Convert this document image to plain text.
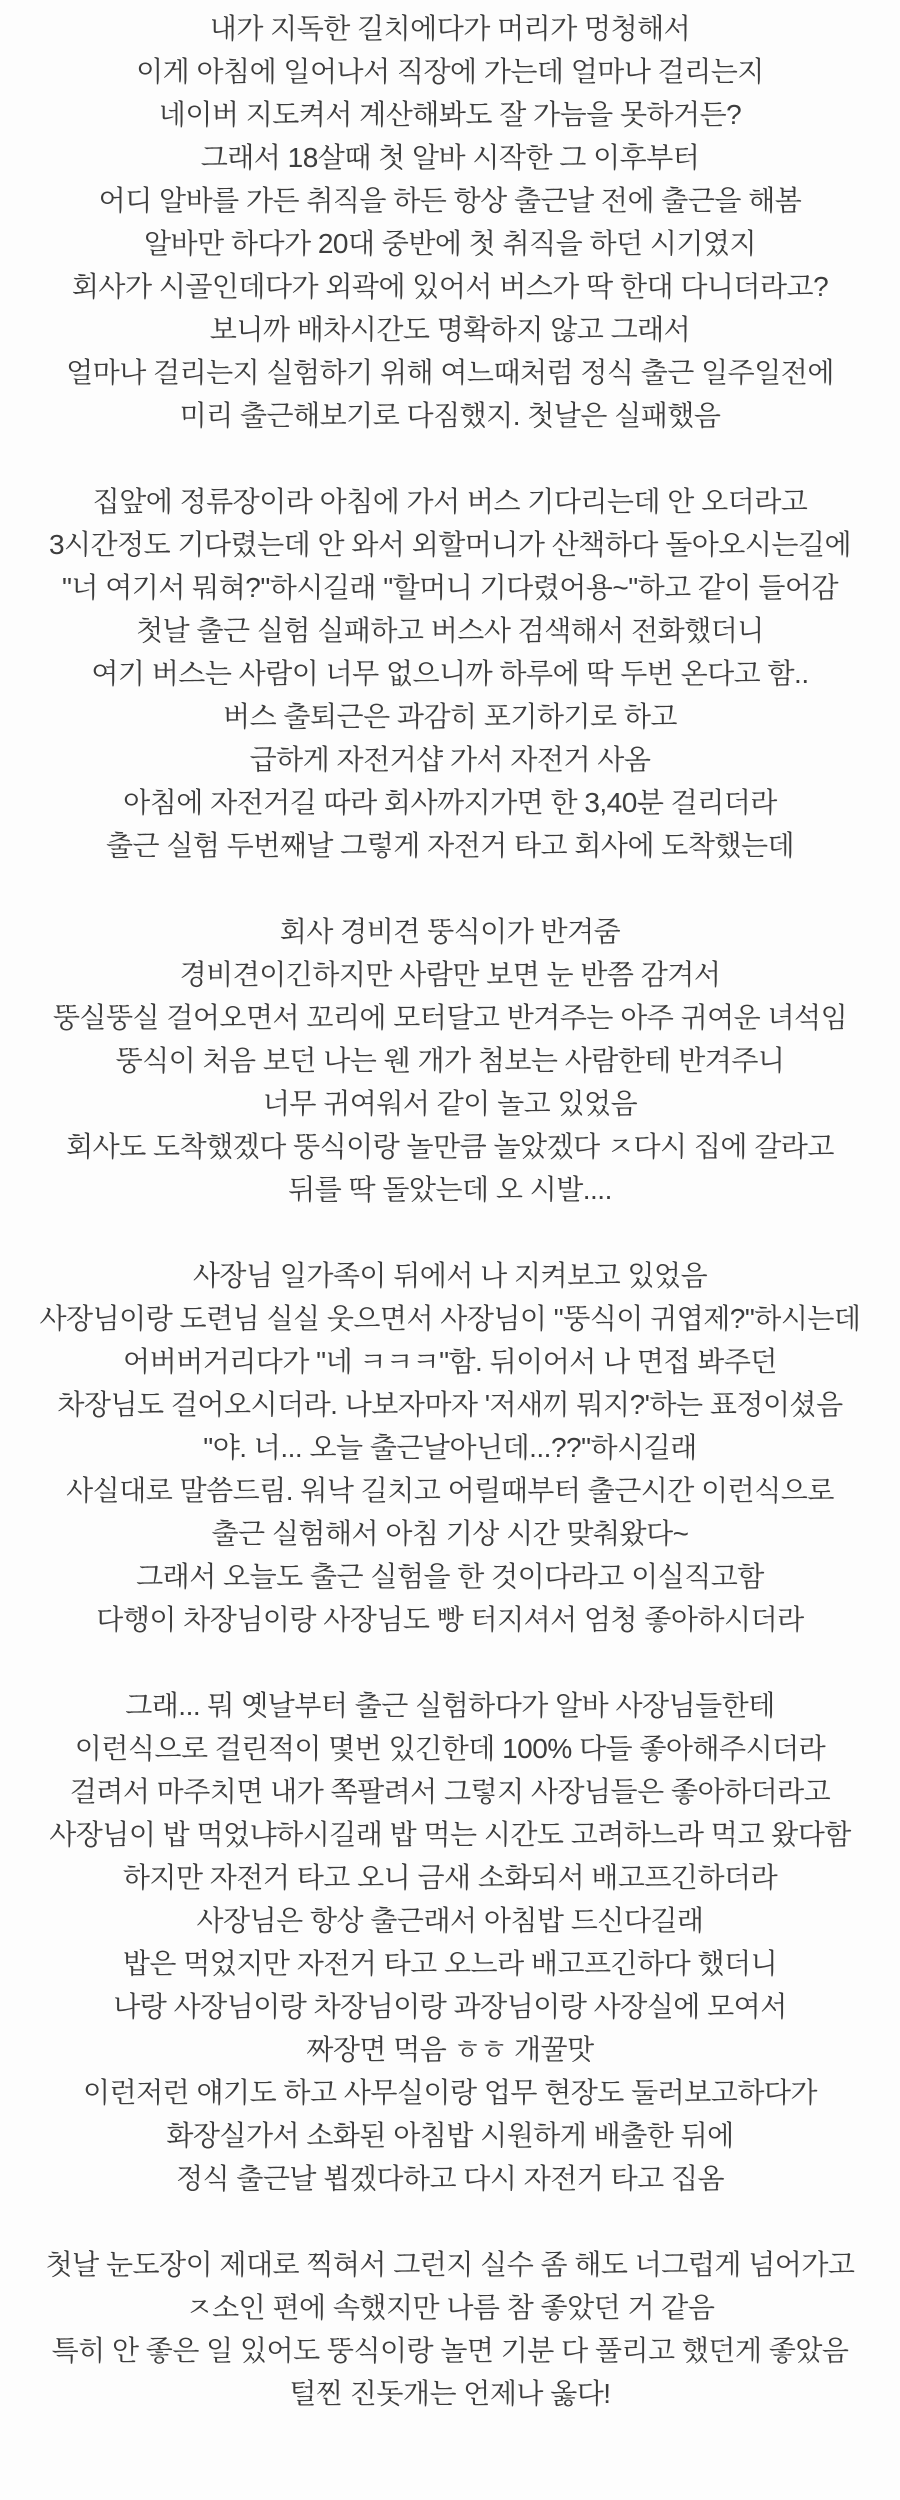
내가 지독한 길치에다가 머리가 멍청해서
이게 아침에 일어나서 직장에 가는데 얼마나 걸리는지
네이버 지도켜서 계산해봐도 잘 가늠을 못하거든?
그래서 18살때 첫 알바 시작한 그 이후부터
어디 알바를 가든 취직을 하든 항상 출근날 전에 출근을 해봄
알바만 하다가 20대 중반에 첫 취직을 하던 시기였지
회사가 시골인데다가 외곽에 있어서 버스가 딱 한대 다니더라고?
보니까 배차시간도 명확하지 않고 그래서
얼마나 걸리는지 실험하기 위해 여느때처럼 정식 출근 일주일전에
미리 출근해보기로 다짐했지. 첫날은 실패했음
집앞에 정류장이라 아침에 가서 버스 기다리는데 안 오더라고
3시간정도 기다렸는데 안 와서 외할머니가 산책하다 돌아오시는길에
"너 여기서 뭐혀?"하시길래 "할머니 기다렸어용~"하고 같이 들어감
첫날 출근 실험 실패하고 버스사 검색해서 전화했더니
여기 버스는 사람이 너무 없으니까 하루에 딱 두번 온다고 함..
버스 출퇴근은 과감히 포기하기로 하고
급하게 자전거샵 가서 자전거 사옴
아침에 자전거길 따라 회사까지가면 한 3,40분 걸리더라
출근 실험 두번째날 그렇게 자전거 타고 회사에 도착했는데
회사 경비견 뚱식이가 반겨줌
경비견이긴하지만 사람만 보면 눈 반쯤 감겨서
뚱실뚱실 걸어오면서 꼬리에 모터달고 반겨주는 아주 귀여운 녀석임
뚱식이 처음 보던 나는 웬 개가 첨보는 사람한테 반겨주니
너무 귀여워서 같이 놀고 있었음
회사도 도착했겠다 뚱식이랑 놀만큼 놀았겠다 ㅈ다시 집에 갈라고
뒤를 딱 돌았는데 오 시발....
사장님 일가족이 뒤에서 나 지켜보고 있었음
사장님이랑 도련님 실실 웃으면서 사장님이 "뚱식이 귀엽제?"하시는데
어버버거리다가 "네 ㅋㅋㅋ"함. 뒤이어서 나 면접 봐주던
차장님도 걸어오시더라. 나보자마자 '저새끼 뭐지?'하는 표정이셨음
"야. 너... 오늘 출근날아닌데...??"하시길래
사실대로 말씀드림. 워낙 길치고 어릴때부터 출근시간 이런식으로
출근 실험해서 아침 기상 시간 맞춰왔다~
그래서 오늘도 출근 실험을 한 것이다라고 이실직고함
다행이 차장님이랑 사장님도 빵 터지셔서 엄청 좋아하시더라
그래... 뭐 옛날부터 출근 실험하다가 알바 사장님들한테
이런식으로 걸린적이 몇번 있긴한데 100% 다들 좋아해주시더라
걸려서 마주치면 내가 쪽팔려서 그렇지 사장님들은 좋아하더라고
사장님이 밥 먹었냐하시길래 밥 먹는 시간도 고려하느라 먹고 왔다함
하지만 자전거 타고 오니 금새 소화되서 배고프긴하더라
사장님은 항상 출근래서 아침밥 드신다길래
밥은 먹었지만 자전거 타고 오느라 배고프긴하다 했더니
나랑 사장님이랑 차장님이랑 과장님이랑 사장실에 모여서
짜장면 먹음 ㅎㅎ 개꿀맛
이런저런 얘기도 하고 사무실이랑 업무 현장도 둘러보고하다가
화장실가서 소화된 아침밥 시원하게 배출한 뒤에
정식 출근날 뵙겠다하고 다시 자전거 타고 집옴
첫날 눈도장이 제대로 찍혀서 그런지 실수 좀 해도 너그럽게 넘어가고
ㅈ소인 편에 속했지만 나름 참 좋았던 거 같음
특히 안 좋은 일 있어도 뚱식이랑 놀면 기분 다 풀리고 했던게 좋았음
털찐 진돗개는 언제나 옳다!
